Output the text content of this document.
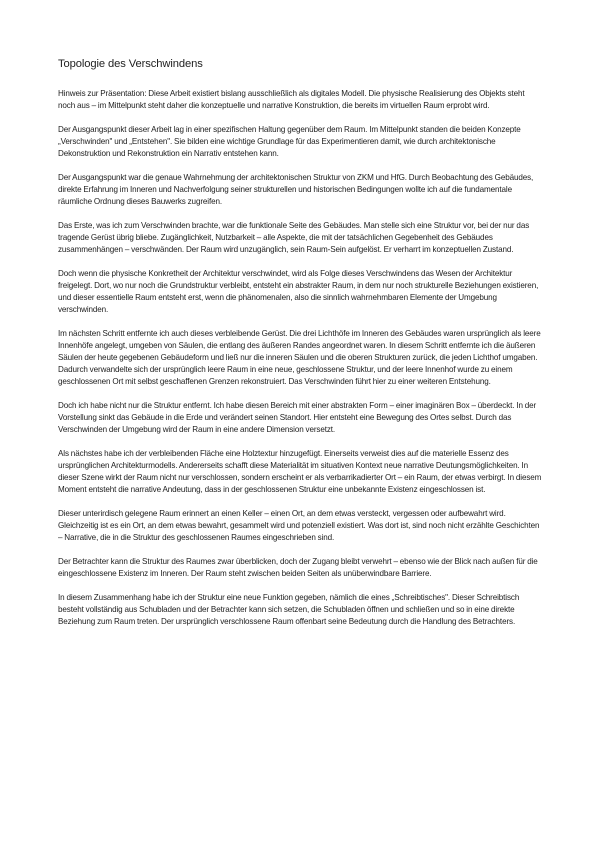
Topologie des Verschwindens

Hinweis zur Präsentation: Diese Arbeit existiert bislang ausschließlich als digitales Modell. Die physische Realisierung des Objekts steht noch aus – im Mittelpunkt steht daher die konzeptuelle und narrative Konstruktion, die bereits im virtuellen Raum erprobt wird.

Der Ausgangspunkt dieser Arbeit lag in einer spezifischen Haltung gegenüber dem Raum. Im Mittelpunkt standen die beiden Konzepte „Verschwinden" und „Entstehen". Sie bilden eine wichtige Grundlage für das Experimentieren damit, wie durch architektonische Dekonstruktion und Rekonstruktion ein Narrativ entstehen kann.

Der Ausgangspunkt war die genaue Wahrnehmung der architektonischen Struktur von ZKM und HfG. Durch Beobachtung des Gebäudes, direkte Erfahrung im Inneren und Nachverfolgung seiner strukturellen und historischen Bedingungen wollte ich auf die fundamentale räumliche Ordnung dieses Bauwerks zugreifen.

Das Erste, was ich zum Verschwinden brachte, war die funktionale Seite des Gebäudes. Man stelle sich eine Struktur vor, bei der nur das tragende Gerüst übrig bliebe. Zugänglichkeit, Nutzbarkeit – alle Aspekte, die mit der tatsächlichen Gegebenheit des Gebäudes zusammenhängen – verschwänden. Der Raum wird unzugänglich, sein Raum-Sein aufgelöst. Er verharrt im konzeptuellen Zustand.

Doch wenn die physische Konkretheit der Architektur verschwindet, wird als Folge dieses Verschwindens das Wesen der Architektur freigelegt. Dort, wo nur noch die Grundstruktur verbleibt, entsteht ein abstrakter Raum, in dem nur noch strukturelle Beziehungen existieren, und dieser essentielle Raum entsteht erst, wenn die phänomenalen, also die sinnlich wahrnehmbaren Elemente der Umgebung verschwinden.

Im nächsten Schritt entfernte ich auch dieses verbleibende Gerüst. Die drei Lichthöfe im Inneren des Gebäudes waren ursprünglich als leere Innenhöfe angelegt, umgeben von Säulen, die entlang des äußeren Randes angeordnet waren. In diesem Schritt entfernte ich die äußeren Säulen der heute gegebenen Gebäudeform und ließ nur die inneren Säulen und die oberen Strukturen zurück, die jeden Lichthof umgaben. Dadurch verwandelte sich der ursprünglich leere Raum in eine neue, geschlossene Struktur, und der leere Innenhof wurde zu einem geschlossenen Ort mit selbst geschaffenen Grenzen rekonstruiert. Das Verschwinden führt hier zu einer weiteren Entstehung.

Doch ich habe nicht nur die Struktur entfernt. Ich habe diesen Bereich mit einer abstrakten Form – einer imaginären Box – überdeckt. In der Vorstellung sinkt das Gebäude in die Erde und verändert seinen Standort. Hier entsteht eine Bewegung des Ortes selbst. Durch das Verschwinden der Umgebung wird der Raum in eine andere Dimension versetzt.

Als nächstes habe ich der verbleibenden Fläche eine Holztextur hinzugefügt. Einerseits verweist dies auf die materielle Essenz des ursprünglichen Architekturmodells. Andererseits schafft diese Materialität im situativen Kontext neue narrative Deutungsmöglichkeiten. In dieser Szene wirkt der Raum nicht nur verschlossen, sondern erscheint er als verbarrikadierter Ort – ein Raum, der etwas verbirgt. In diesem Moment entsteht die narrative Andeutung, dass in der geschlossenen Struktur eine unbekannte Existenz eingeschlossen ist.

Dieser unterirdisch gelegene Raum erinnert an einen Keller – einen Ort, an dem etwas versteckt, vergessen oder aufbewahrt wird. Gleichzeitig ist es ein Ort, an dem etwas bewahrt, gesammelt wird und potenziell existiert. Was dort ist, sind noch nicht erzählte Geschichten – Narrative, die in die Struktur des geschlossenen Raumes eingeschrieben sind.

Der Betrachter kann die Struktur des Raumes zwar überblicken, doch der Zugang bleibt verwehrt – ebenso wie der Blick nach außen für die eingeschlossene Existenz im Inneren. Der Raum steht zwischen beiden Seiten als unüberwindbare Barriere.

In diesem Zusammenhang habe ich der Struktur eine neue Funktion gegeben, nämlich die eines „Schreibtisches". Dieser Schreibtisch besteht vollständig aus Schubladen und der Betrachter kann sich setzen, die Schubladen öffnen und schließen und so in eine direkte Beziehung zum Raum treten. Der ursprünglich verschlossene Raum offenbart seine Bedeutung durch die Handlung des Betrachters.
